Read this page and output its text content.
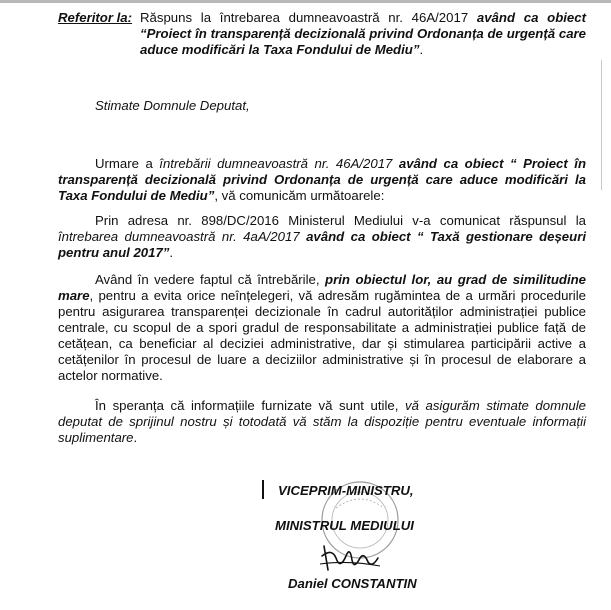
Referitor la: Răspuns la întrebarea dumneavoastră nr. 46A/2017 având ca obiect “Proiect în transparență decizională privind Ordonanța de urgență care aduce modificări la Taxa Fondului de Mediu”.
Stimate Domnule Deputat,

Urmare a întrebării dumneavoastră nr. 46A/2017 având ca obiect “ Proiect în transparență decizională privind Ordonanța de urgență care aduce modificări la Taxa Fondului de Mediu”, vă comunicăm următoarele:

Prin adresa nr. 898/DC/2016 Ministerul Mediului v-a comunicat răspunsul la întrebarea dumneavoastră nr. 4aA/2017 având ca obiect “ Taxă gestionare deșeuri pentru anul 2017”.

Având în vedere faptul că întrebările, prin obiectul lor, au grad de similitudine mare, pentru a evita orice neînțelegeri, vă adresăm rugămintea de a urmări procedurile pentru asigurarea transparenței decizionale în cadrul autorităților administrației publice centrale, cu scopul de a spori gradul de responsabilitate a administrației publice față de cetățean, ca beneficiar al deciziei administrative, dar și stimularea participării active a cetățenilor în procesul de luare a deciziilor administrative și în procesul de elaborare a actelor normative.

În speranța că informațiile furnizate vă sunt utile, vă asigurăm stimate domnule deputat de sprijinul nostru și totodată vă stăm la dispoziție pentru eventuale informații suplimentare.

VICEPRIM-MINISTRU,
MINISTRUL MEDIULUI
Daniel CONSTANTIN
